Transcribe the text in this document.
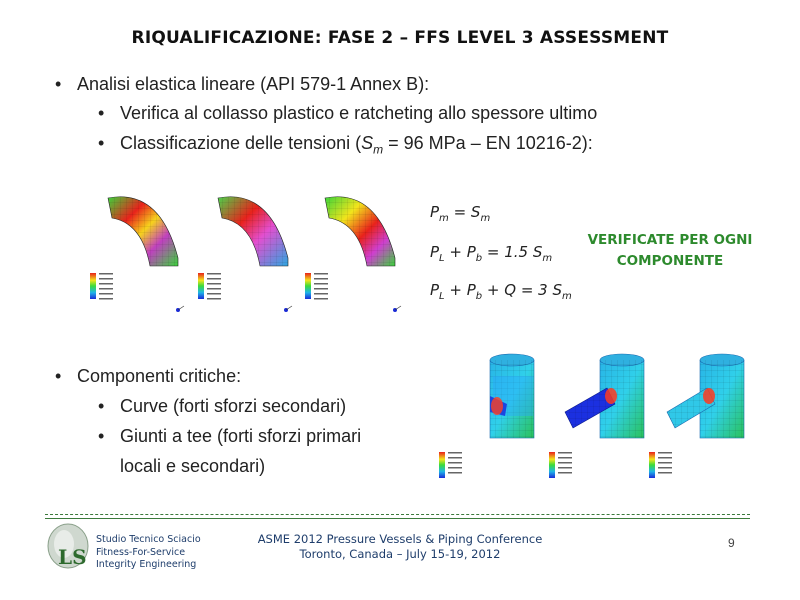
RIQUALIFICAZIONE: FASE 2 – FFS LEVEL 3 ASSESSMENT
• Analisi elastica lineare (API 579-1 Annex B):
• Verifica al collasso plastico e ratcheting allo spessore ultimo
• Classificazione delle tensioni ($S_m = 96$ MPa – EN 10216-2):
$P_m = S_m$
$P_L + P_b = 1.5$ $S_m$
$P_L + P_b + Q = 3$ $S_m$
VERIFICATE PER OGNI
COMPONENTE
• Componenti critiche:
• Curve (forti sforzi secondari)
• Giunti a tee (forti sforzi primari
locali e secondari)
LS
Studio Tecnico Sciacio
Fitness-For-Service
Integrity Engineering
ASME 2012 Pressure Vessels & Piping Conference
Toronto, Canada – July 15-19, 2012
9
